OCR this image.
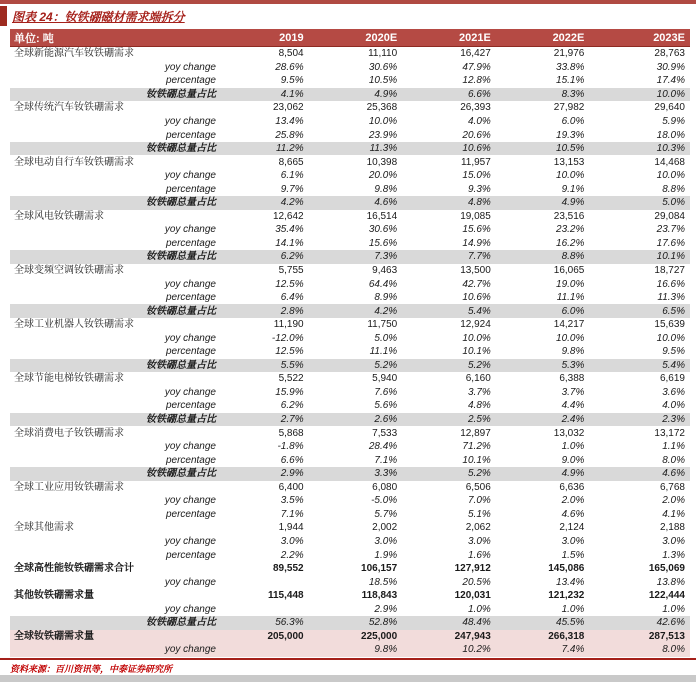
图表 24：钕铁硼磁材需求端拆分
单位: 吨	2019	2020E	2021E	2022E	2023E
全球新能源汽车钕铁硼需求	8,504	11,110	16,427	21,976	28,763
yoy change	28.6%	30.6%	47.9%	33.8%	30.9%
percentage	9.5%	10.5%	12.8%	15.1%	17.4%
钕铁硼总量占比	4.1%	4.9%	6.6%	8.3%	10.0%
全球传统汽车钕铁硼需求	23,062	25,368	26,393	27,982	29,640
yoy change	13.4%	10.0%	4.0%	6.0%	5.9%
percentage	25.8%	23.9%	20.6%	19.3%	18.0%
钕铁硼总量占比	11.2%	11.3%	10.6%	10.5%	10.3%
全球电动自行车钕铁硼需求	8,665	10,398	11,957	13,153	14,468
yoy change	6.1%	20.0%	15.0%	10.0%	10.0%
percentage	9.7%	9.8%	9.3%	9.1%	8.8%
钕铁硼总量占比	4.2%	4.6%	4.8%	4.9%	5.0%
全球风电钕铁硼需求	12,642	16,514	19,085	23,516	29,084
yoy change	35.4%	30.6%	15.6%	23.2%	23.7%
percentage	14.1%	15.6%	14.9%	16.2%	17.6%
钕铁硼总量占比	6.2%	7.3%	7.7%	8.8%	10.1%
全球变频空调钕铁硼需求	5,755	9,463	13,500	16,065	18,727
yoy change	12.5%	64.4%	42.7%	19.0%	16.6%
percentage	6.4%	8.9%	10.6%	11.1%	11.3%
钕铁硼总量占比	2.8%	4.2%	5.4%	6.0%	6.5%
全球工业机器人钕铁硼需求	11,190	11,750	12,924	14,217	15,639
yoy change	-12.0%	5.0%	10.0%	10.0%	10.0%
percentage	12.5%	11.1%	10.1%	9.8%	9.5%
钕铁硼总量占比	5.5%	5.2%	5.2%	5.3%	5.4%
全球节能电梯钕铁硼需求	5,522	5,940	6,160	6,388	6,619
yoy change	15.9%	7.6%	3.7%	3.7%	3.6%
percentage	6.2%	5.6%	4.8%	4.4%	4.0%
钕铁硼总量占比	2.7%	2.6%	2.5%	2.4%	2.3%
全球消费电子钕铁硼需求	5,868	7,533	12,897	13,032	13,172
yoy change	-1.8%	28.4%	71.2%	1.0%	1.1%
percentage	6.6%	7.1%	10.1%	9.0%	8.0%
钕铁硼总量占比	2.9%	3.3%	5.2%	4.9%	4.6%
全球工业应用钕铁硼需求	6,400	6,080	6,506	6,636	6,768
yoy change	3.5%	-5.0%	7.0%	2.0%	2.0%
percentage	7.1%	5.7%	5.1%	4.6%	4.1%
全球其他需求	1,944	2,002	2,062	2,124	2,188
yoy change	3.0%	3.0%	3.0%	3.0%	3.0%
percentage	2.2%	1.9%	1.6%	1.5%	1.3%
全球高性能钕铁硼需求合计	89,552	106,157	127,912	145,086	165,069
yoy change		18.5%	20.5%	13.4%	13.8%
其他钕铁硼需求量	115,448	118,843	120,031	121,232	122,444
yoy change		2.9%	1.0%	1.0%	1.0%
钕铁硼总量占比	56.3%	52.8%	48.4%	45.5%	42.6%
全球钕铁硼需求量	205,000	225,000	247,943	266,318	287,513
yoy change		9.8%	10.2%	7.4%	8.0%
资料来源：百川资讯等，中泰证券研究所
